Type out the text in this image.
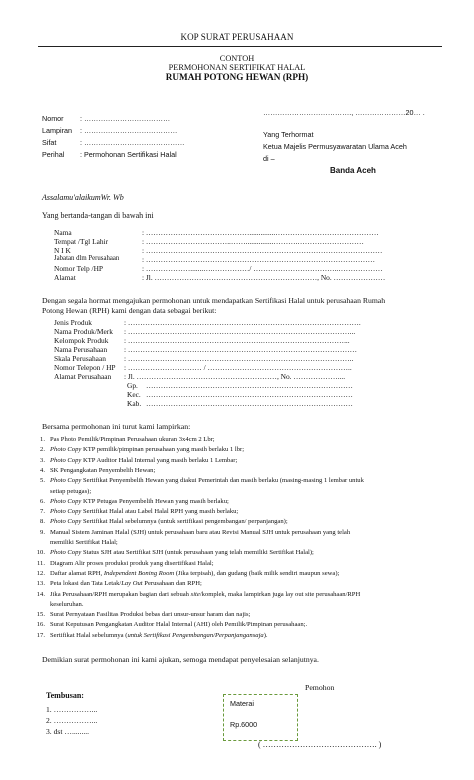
KOP SURAT PERUSAHAAN
CONTOH
PERMOHONAN SERTIFIKAT HALAL
RUMAH POTONG HEWAN (RPH)
Nomor : ………………………………
Lampiran : …………………………………
Sifat	: ……………………………………
Perihal : Permohonan Sertifikasi Halal
………………………………., …………………20… .
Yang Terhormat
Ketua Majelis Permusyawaratan Ulama Aceh
di –
Banda Aceh
Assalamu'alaikumWr. Wb
Yang bertanda-tangan di bawah ini
Nama	: ……………………………………..............……………………………………
Tempat /Tgl Lahir	: ……………………………..……...............……….………………………
N I K	: ……………………………………………………………………………………
Jabatan dlm Perusahaan	: …………………………………………………………………………………
Nomor Telp /HP	: ……………….......….……………/ ……………………………..………………
Alamat	: Jl. …………………………………………………………, No. …………………
Dengan segala hormat mengajukan permohonan untuk mendapatkan Sertifikasi Halal untuk perusahaan Rumah
Potong Hewan (RPH) kami dengan data sebagai berikut:
Jenis Produk	: …………………………………………….…………………………………….
Nama Produk/Merk : ………………………………………………………………………………...
Kelompok Produk : ……………………………………………….……………………………...
Nama Perusahaan : …………………………………………………………………………………
Skala Perusahaan : ………………………………………………………………………………..
Nomor Telepon / HP : ………………………… / …………………………………………………..
Alamat Perusahaan : Jl. …………………………………………………, No. ………………....
Gp. …………………………………………………………………………
Kec. …………………………………………………………………………
Kab. …………………………………………………………………………
Bersama permohonan ini turut kami lampirkan:
1. Pas Photo Pemilik/Pimpinan Perusahaan ukuran 3x4cm 2 Lbr;
2. Photo Copy KTP pemilik/pimpinan perusahaan yang masih berlaku 1 lbr;
3. Photo Copy KTP Auditor Halal Internal yang masih berlaku 1 Lembar;
4. SK Pengangkatan Penyembelih Hewan;
5. Photo Copy Sertifikat Penyembelih Hewan yang diakui Pemerintah dan masih berlaku (masing-masing 1 lembar untuk
setiap petugas);
6. Photo Copy KTP Petugas Penyembelih Hewan yang masih berlaku;
7. Photo Copy Sertifikat Halal atau Label Halal RPH yang masih berlaku;
8. Photo Copy Sertifikat Halal sebelumnya (untuk sertifikasi pengembangan/ perpanjangan);
9. Manual Sistem Jaminan Halal (SJH) untuk perusahaan baru atau Revisi Manual SJH untuk perusahaan yang telah
memiliki Sertifikat Halal;
10. Photo Copy Status SJH atau Sertifikat SJH (untuk perusahaan yang telah memiliki Sertifikat Halal);
11. Diagram Alir proses produksi produk yang disertifikasi Halal;
12. Daftar alamat RPH, Independent Boning Room (Jika terpisah), dan gudang (baik milik sendiri maupun sewa);
13. Peta lokasi dan Tata Letak/Lay Out Perusahaan dan RPH;
14. Jika Perusahaan/RPH merupakan bagian dari sebuah site/komplek, maka lampirkan juga lay out site perusahaan/RPH
keseluruhan.
15. Surat Pernyataan Fasilitas Produksi bebas dari unsur-unsur haram dan najis;
16. Surat Keputusan Pengangkatan Auditor Halal Internal (AHI) oleh Pemilik/Pimpinan perusahaan;.
17. Sertifikat Halal sebelumnya (untuk Sertifikasi Pengembangan/Perpanjangansaja).
Demikian surat permohonan ini kami ajukan, semoga mendapat penyelesaian selanjutnya.
Pemohon
Materai
Rp.6000
( ……………………………………. )
Tembusan:
1. ……………...
2. ……………...
3. dst ….........
